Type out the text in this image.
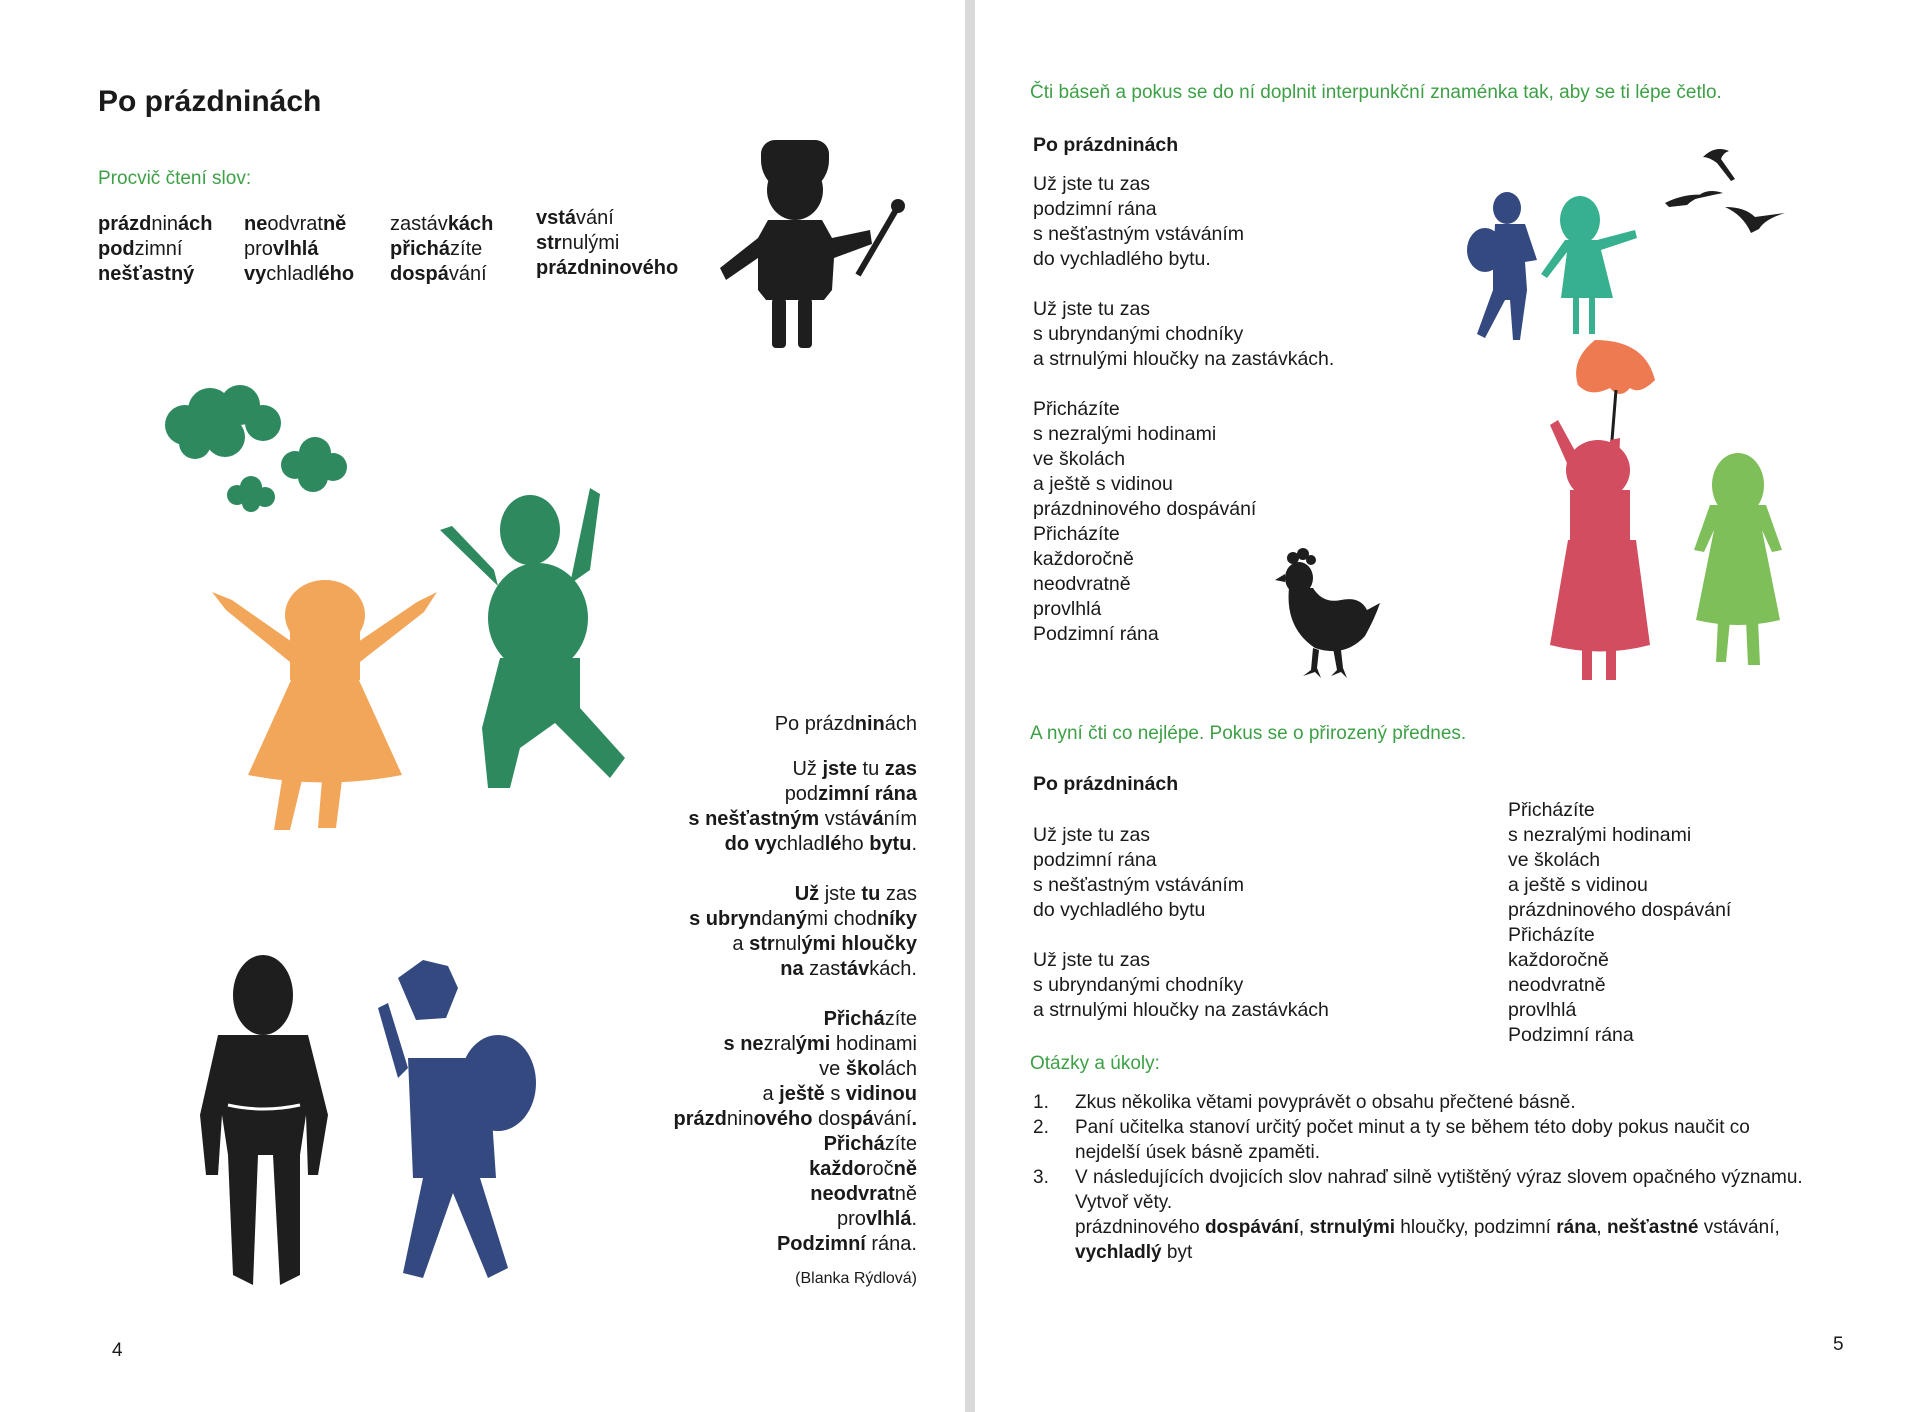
Po prázdninách
Procvič čtení slov:
prázdninách
podzimní
nešťastný
neodvratně
provlhlá
vychladlého
zastávkách
přicházíte
dospávání
vstávání
strnulými
prázdninového
Po prázdninách
Už jste tu zas
podzimní rána
s nešťastným vstáváním
do vychladlého bytu.
Už jste tu zas
s ubryndanými chodníky
a strnulými hloučky
na zastávkách.
Přicházíte
s nezralými hodinami
ve školách
a ještě s vidinou
prázdninového dospávání.
Přicházíte
každoročně
neodvratně
provlhlá.
Podzimní rána.
(Blanka Rýdlová)
4
Čti báseň a pokus se do ní doplnit interpunkční znaménka tak, aby se ti lépe četlo.
Po prázdninách
Už jste tu zas
podzimní rána
s nešťastným vstáváním
do vychladlého bytu.
Už jste tu zas
s ubryndanými chodníky
a strnulými hloučky na zastávkách.
Přicházíte
s nezralými hodinami
ve školách
a ještě s vidinou
prázdninového dospávání
Přicházíte
každoročně
neodvratně
provlhlá
Podzimní rána
A nyní čti co nejlépe. Pokus se o přirozený přednes.
Po prázdninách
Už jste tu zas
podzimní rána
s nešťastným vstáváním
do vychladlého bytu
Už jste tu zas
s ubryndanými chodníky
a strnulými hloučky na zastávkách
Přicházíte
s nezralými hodinami
ve školách
a ještě s vidinou
prázdninového dospávání
Přicházíte
každoročně
neodvratně
provlhlá
Podzimní rána
Otázky a úkoly:
1. Zkus několika větami povyprávět o obsahu přečtené básně.
2. Paní učitelka stanoví určitý počet minut a ty se během této doby pokus naučit co
nejdelší úsek básně zpaměti.
3. V následujících dvojicích slov nahraď silně vytištěný výraz slovem opačného významu.
Vytvoř věty.
prázdninového dospávání, strnulými hloučky, podzimní rána, nešťastné vstávání,
vychladlý byt
5
